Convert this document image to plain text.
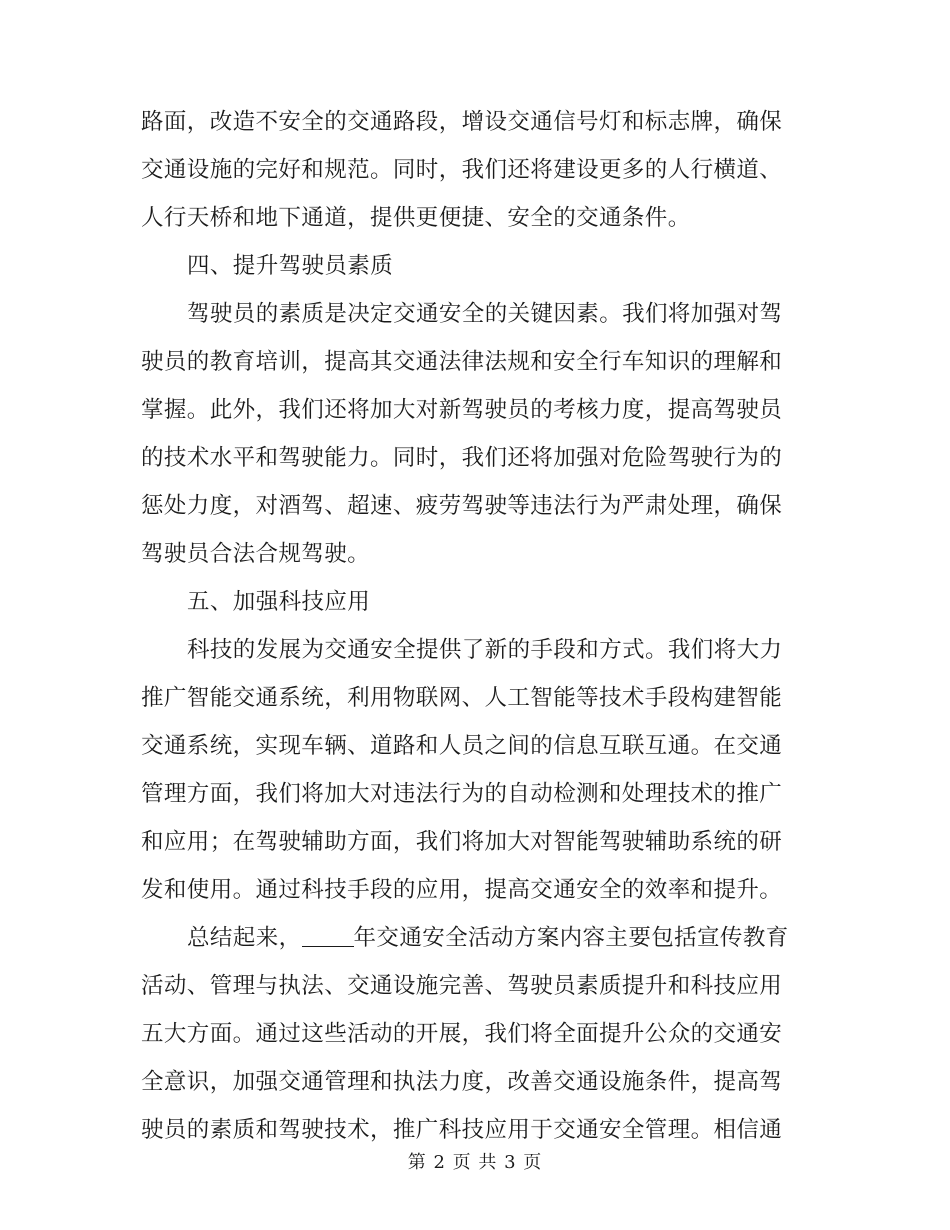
路面，改造不安全的交通路段，增设交通信号灯和标志牌，确保
交通设施的完好和规范。同时，我们还将建设更多的人行横道、
人行天桥和地下通道，提供更便捷、安全的交通条件。
四、提升驾驶员素质
驾驶员的素质是决定交通安全的关键因素。我们将加强对驾
驶员的教育培训，提高其交通法律法规和安全行车知识的理解和
掌握。此外，我们还将加大对新驾驶员的考核力度，提高驾驶员
的技术水平和驾驶能力。同时，我们还将加强对危险驾驶行为的
惩处力度，对酒驾、超速、疲劳驾驶等违法行为严肃处理，确保
驾驶员合法合规驾驶。
五、加强科技应用
科技的发展为交通安全提供了新的手段和方式。我们将大力
推广智能交通系统，利用物联网、人工智能等技术手段构建智能
交通系统，实现车辆、道路和人员之间的信息互联互通。在交通
管理方面，我们将加大对违法行为的自动检测和处理技术的推广
和应用；在驾驶辅助方面，我们将加大对智能驾驶辅助系统的研
发和使用。通过科技手段的应用，提高交通安全的效率和提升。
总结起来， 年交通安全活动方案内容主要包括宣传教育
活动、管理与执法、交通设施完善、驾驶员素质提升和科技应用
五大方面。通过这些活动的开展，我们将全面提升公众的交通安
全意识，加强交通管理和执法力度，改善交通设施条件，提高驾
驶员的素质和驾驶技术，推广科技应用于交通安全管理。相信通
第 2 页 共 3 页
